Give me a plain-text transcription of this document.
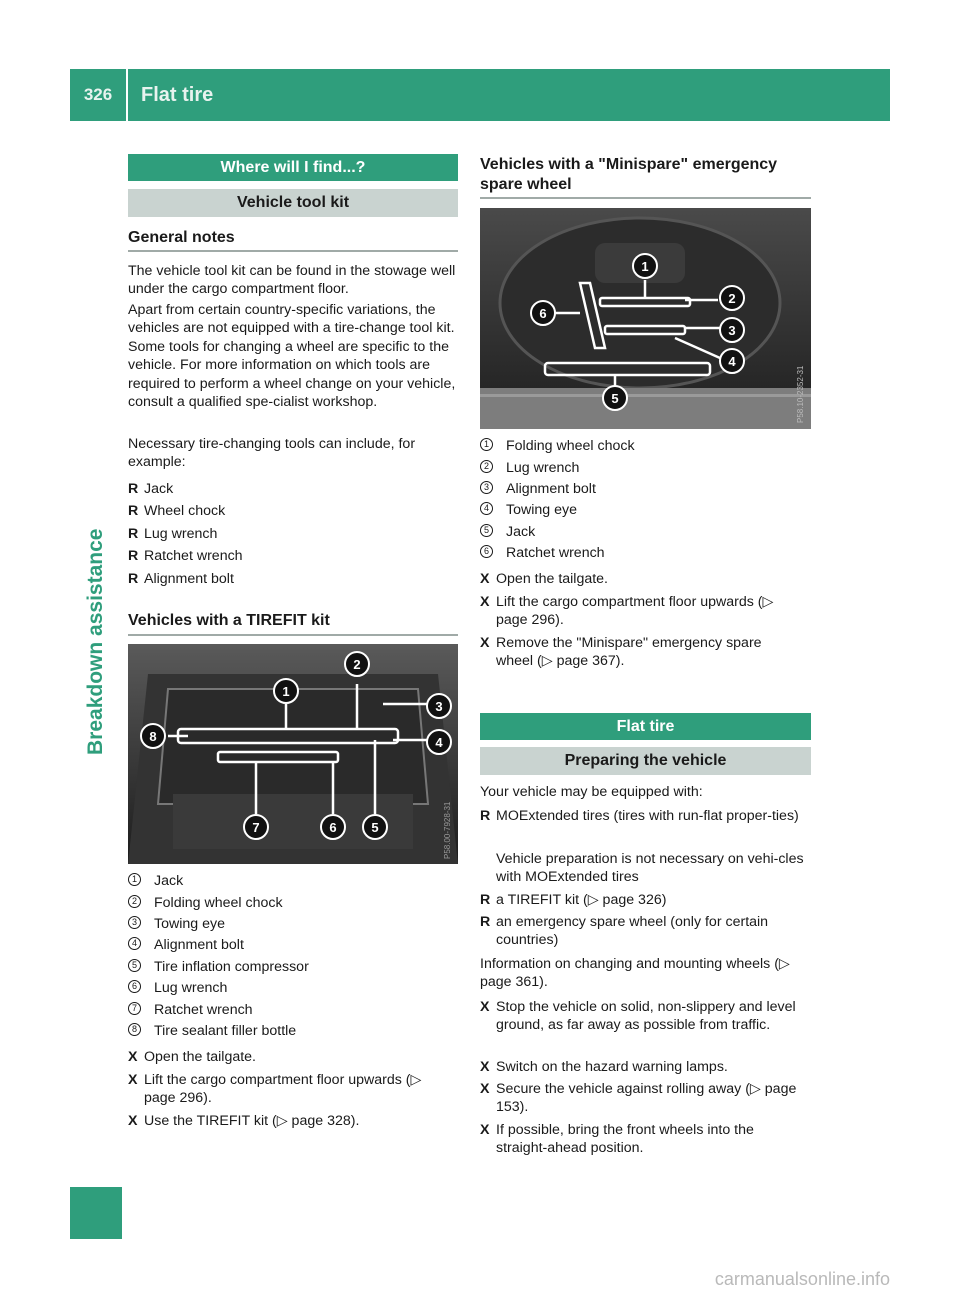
326	Flat tire
Breakdown assistance
Where will I find...?
Vehicle tool kit
General notes
The vehicle tool kit can be found in the stowage well under the cargo compartment floor.
Apart from certain country-specific variations, the vehicles are not equipped with a tire-change tool kit. Some tools for changing a wheel are specific to the vehicle. For more information on which tools are required to perform a wheel change on your vehicle, consult a qualified spe-cialist workshop.
Necessary tire-changing tools can include, for example:
R Jack
R Wheel chock
R Lug wrench
R Ratchet wrench
R Alignment bolt
Vehicles with a TIREFIT kit
1
2
3
4
5
6
7
8
P58.00-7928-31
1 Jack
2 Folding wheel chock
3 Towing eye
4 Alignment bolt
5 Tire inflation compressor
6 Lug wrench
7 Ratchet wrench
8 Tire sealant filler bottle
X Open the tailgate.
X Lift the cargo compartment floor upwards (▷ page 296).
X Use the TIREFIT kit (▷ page 328).
Vehicles with a "Minispare" emergency spare wheel
1
2
3
4
5
6
P58.10-2352-31
1 Folding wheel chock
2 Lug wrench
3 Alignment bolt
4 Towing eye
5 Jack
6 Ratchet wrench
X Open the tailgate.
X Lift the cargo compartment floor upwards (▷ page 296).
X Remove the "Minispare" emergency spare wheel (▷ page 367).
Flat tire
Preparing the vehicle
Your vehicle may be equipped with:
R MOExtended tires (tires with run-flat proper-ties)
Vehicle preparation is not necessary on vehi-cles with MOExtended tires
R a TIREFIT kit (▷ page 326)
R an emergency spare wheel (only for certain countries)
Information on changing and mounting wheels (▷ page 361).
X Stop the vehicle on solid, non-slippery and level ground, as far away as possible from traffic.
X Switch on the hazard warning lamps.
X Secure the vehicle against rolling away (▷ page 153).
X If possible, bring the front wheels into the straight-ahead position.
carmanualsonline.info
